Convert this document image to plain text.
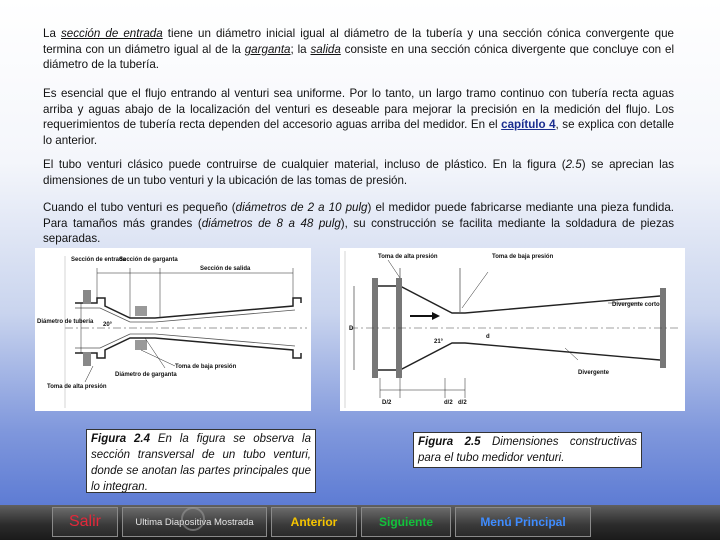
La sección de entrada tiene un diámetro inicial igual al diámetro de la tubería y una sección cónica convergente que termina con un diámetro igual al de la garganta; la salida consiste en una sección cónica divergente que concluye con el diámetro de la tubería.

Es esencial que el flujo entrando al venturi sea uniforme. Por lo tanto, un largo tramo continuo con tubería recta aguas arriba y aguas abajo de la localización del venturi es deseable para mejorar la precisión en la medición del flujo. Los requerimientos de tubería recta dependen del accesorio aguas arriba del medidor. En el capítulo 4, se explica con detalle lo anterior.

El tubo venturi clásico puede contruirse de cualquier material, incluso de plástico. En la figura (2.5) se aprecian las dimensiones de un tubo venturi y la ubicación de las tomas de presión.

Cuando el tubo venturi es pequeño (diámetros de 2 a 10 pulg) el medidor puede fabricarse mediante una pieza fundida. Para tamaños más grandes (diámetros de 8 a 48 pulg), su construcción se facilita mediante la soldadura de piezas separadas.

Sección de entrada
Sección de garganta
Sección de salida
Diámetro de tubería 20°
Diámetro de garganta
Toma de baja presión
Toma de alta presión
D
d
21°
D/2	d/2 d/2
Toma de alta presión	Toma de baja presión
Divergente corto
Divergente
Figura 2.4 En la figura se observa la sección transversal de un tubo venturi, donde se anotan las partes principales que lo integran.
Figura 2.5 Dimensiones constructivas para el tubo medidor venturi.
Salir	Ultima Diapositiva Mostrada	Anterior	Siguiente	Menú Principal
